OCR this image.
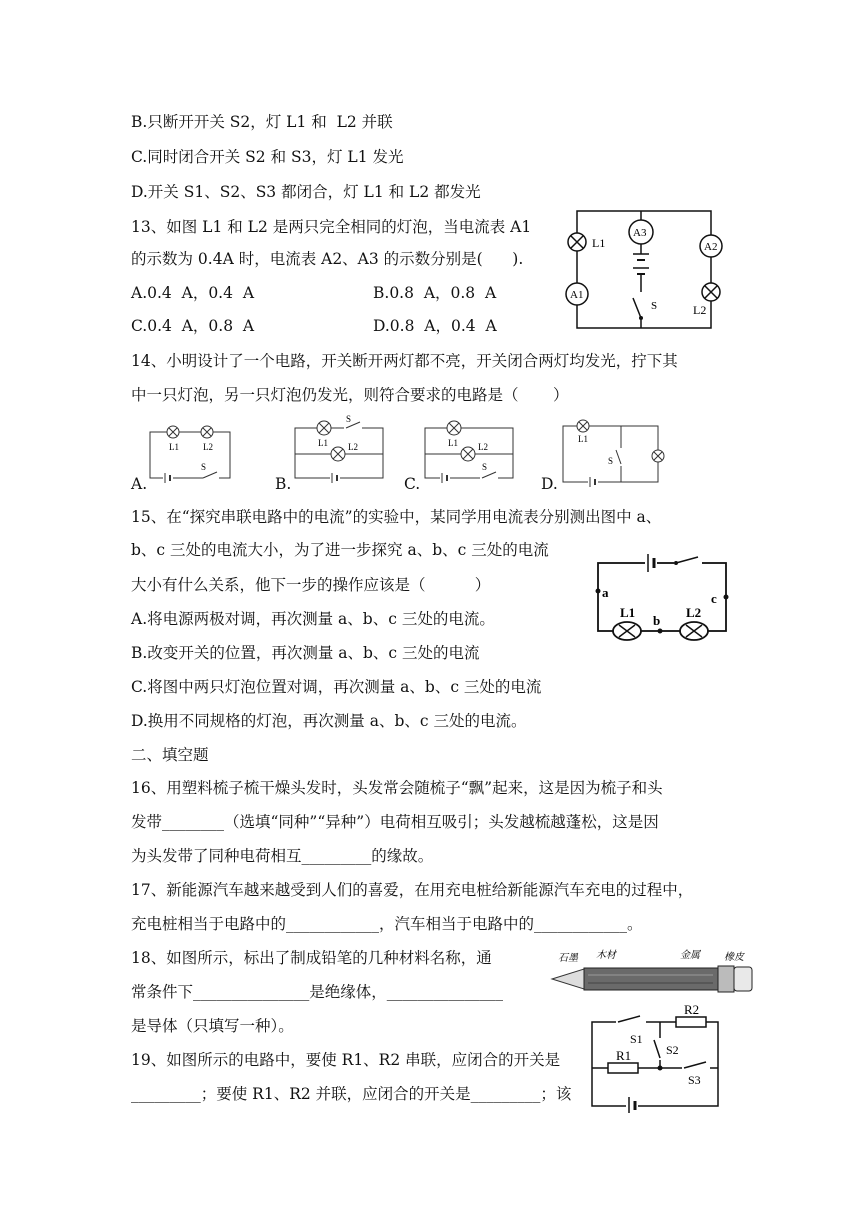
B.只断开开关 S2，灯 L1 和  L2 并联
C.同时闭合开关 S2 和 S3，灯 L1 发光
D.开关 S1、S2、S3 都闭合，灯 L1 和 L2 都发光
13、如图 L1 和 L2 是两只完全相同的灯泡，当电流表 A1
的示数为 0.4A 时，电流表 A2、A3 的示数分别是(      ).
A.0.4  A，0.4  A	B.0.8  A，0.8  A
C.0.4  A，0.8  A	D.0.8  A，0.4  A
14、小明设计了一个电路，开关断开两灯都不亮，开关闭合两灯均发光，拧下其
中一只灯泡，另一只灯泡仍发光，则符合要求的电路是（       ）
15、在“探究串联电路中的电流”的实验中，某同学用电流表分别测出图中 a、
b、c 三处的电流大小，为了进一步探究 a、b、c 三处的电流
大小有什么关系，他下一步的操作应该是（          ）
A.将电源两极对调，再次测量 a、b、c 三处的电流。
B.改变开关的位置，再次测量 a、b、c 三处的电流
C.将图中两只灯泡位置对调，再次测量 a、b、c 三处的电流
D.换用不同规格的灯泡，再次测量 a、b、c 三处的电流。
二、填空题
16、用塑料梳子梳干燥头发时，头发常会随梳子“飘”起来，这是因为梳子和头
发带________（选填“同种”“异种”）电荷相互吸引；头发越梳越蓬松，这是因
为头发带了同种电荷相互_________的缘故。
17、新能源汽车越来越受到人们的喜爱，在用充电桩给新能源汽车充电的过程中，
充电桩相当于电路中的____________，汽车相当于电路中的____________。
18、如图所示，标出了制成铅笔的几种材料名称，通
常条件下_______________是绝缘体，_______________
是导体（只填写一种）。
19、如图所示的电路中，要使 R1、R2 串联，应闭合的开关是
_________；要使 R1、R2 并联，应闭合的开关是_________；该
L1
A1
A3
S
A2
L2
A.
L1	L2
S
B.
S
L1 L2
C.
L1 L2
S
D.
L1
S
a	c
L1
b
L2
石墨 木材	金属 橡皮
S1
R2
S2
R1
S3
